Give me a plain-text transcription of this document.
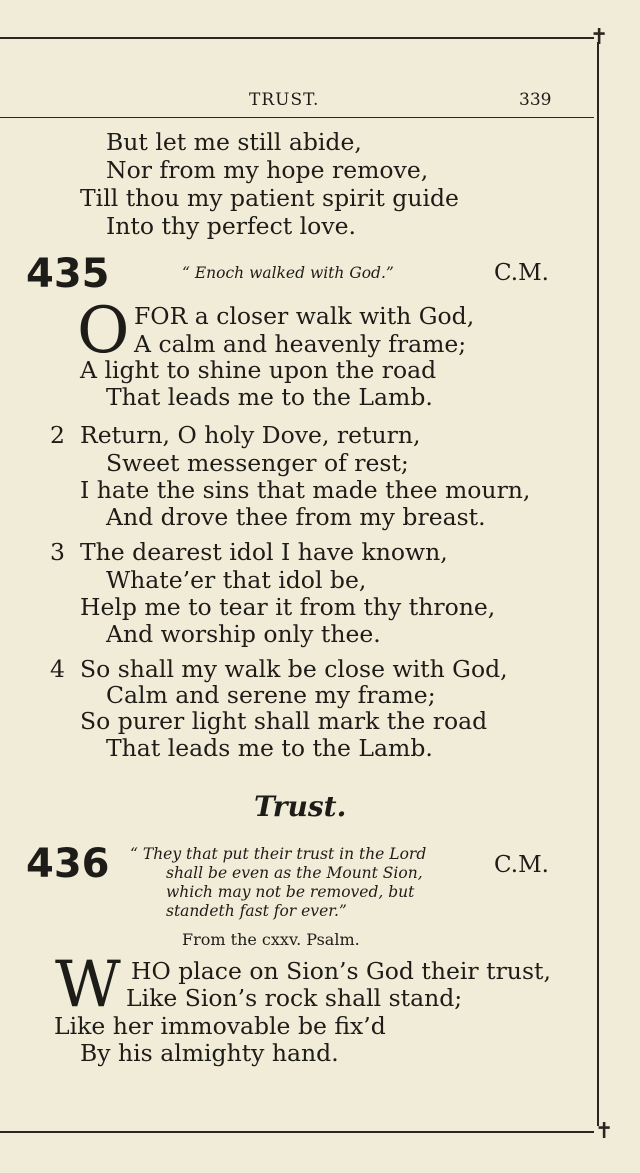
✝
✝
TRUST.	339
But let me still abide,
Nor from my hope remove,
Till thou my patient spirit guide
Into thy perfect love.
435	“ Enoch walked with God.”	C.M.
O FOR a closer walk with God,
A calm and heavenly frame;
A light to shine upon the road
That leads me to the Lamb.
2 Return, O holy Dove, return,
Sweet messenger of rest;
I hate the sins that made thee mourn,
And drove thee from my breast.
3 The dearest idol I have known,
Whate’er that idol be,
Help me to tear it from thy throne,
And worship only thee.
4 So shall my walk be close with God,
Calm and serene my frame;
So purer light shall mark the road
That leads me to the Lamb.
Trust.
436 “ They that put their trust in the Lord
shall be even as the Mount Sion,
which may not be removed, but
standeth fast for ever.”
C.M.
From the cxxv. Psalm.
W HO place on Sion’s God their trust,
Like Sion’s rock shall stand;
Like her immovable be fix’d
By his almighty hand.
